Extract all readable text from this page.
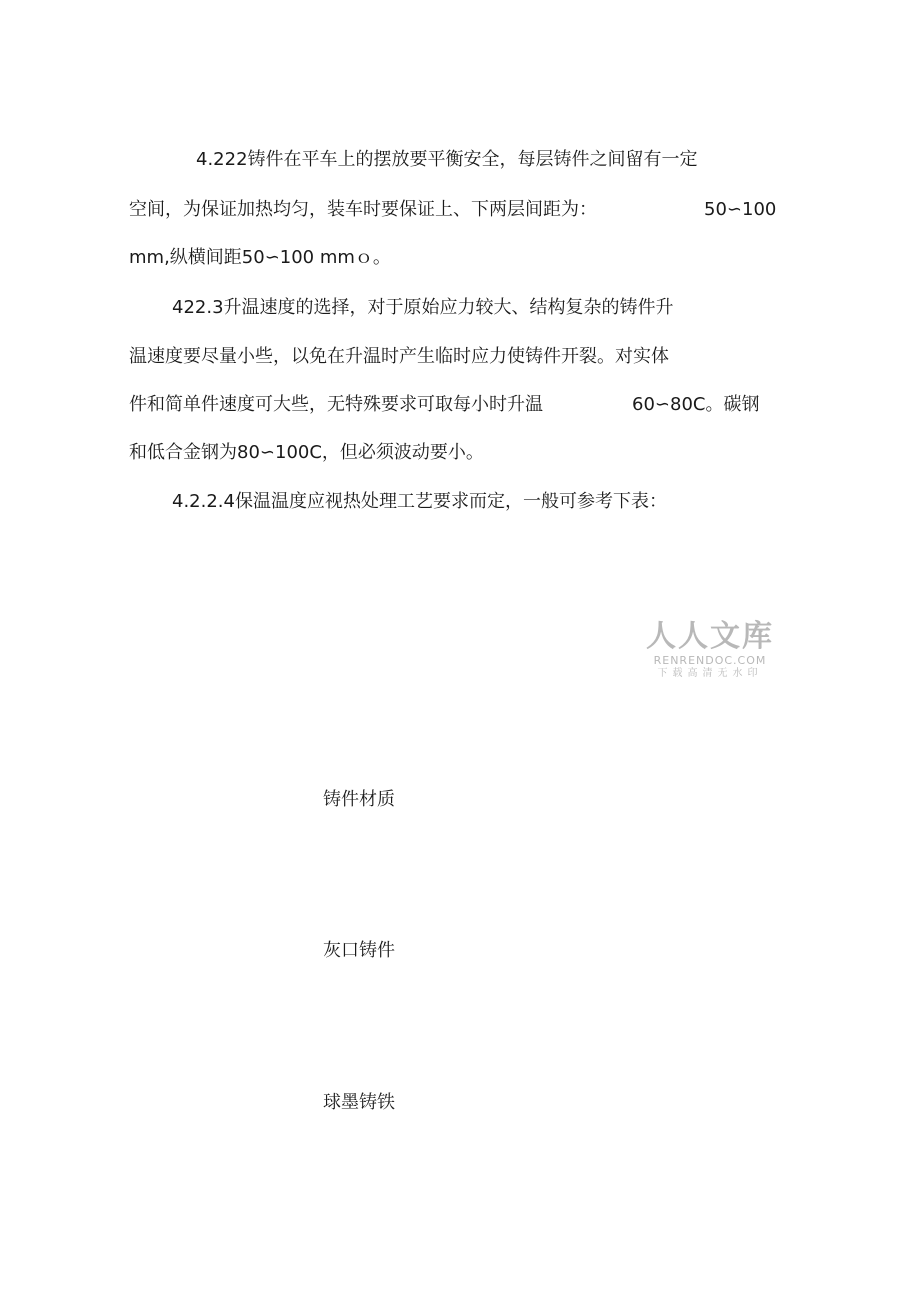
4.222铸件在平车上的摆放要平衡安全，每层铸件之间留有一定
空间，为保证加热均匀，装车时要保证上、下两层间距为：	50∽100
mm,纵横间距50∽100 mmｏ。
422.3升温速度的选择，对于原始应力较大、结构复杂的铸件升
温速度要尽量小些，以免在升温时产生临时应力使铸件开裂。对实体
件和简单件速度可大些，无特殊要求可取每小时升温	60∽80C。碳钢
和低合金钢为80∽100C，但必须波动要小。
4.2.2.4保温温度应视热处理工艺要求而定，一般可参考下表：
人人文库
RENRENDOC.COM
下载高清无水印
铸件材质
灰口铸件
球墨铸铁
